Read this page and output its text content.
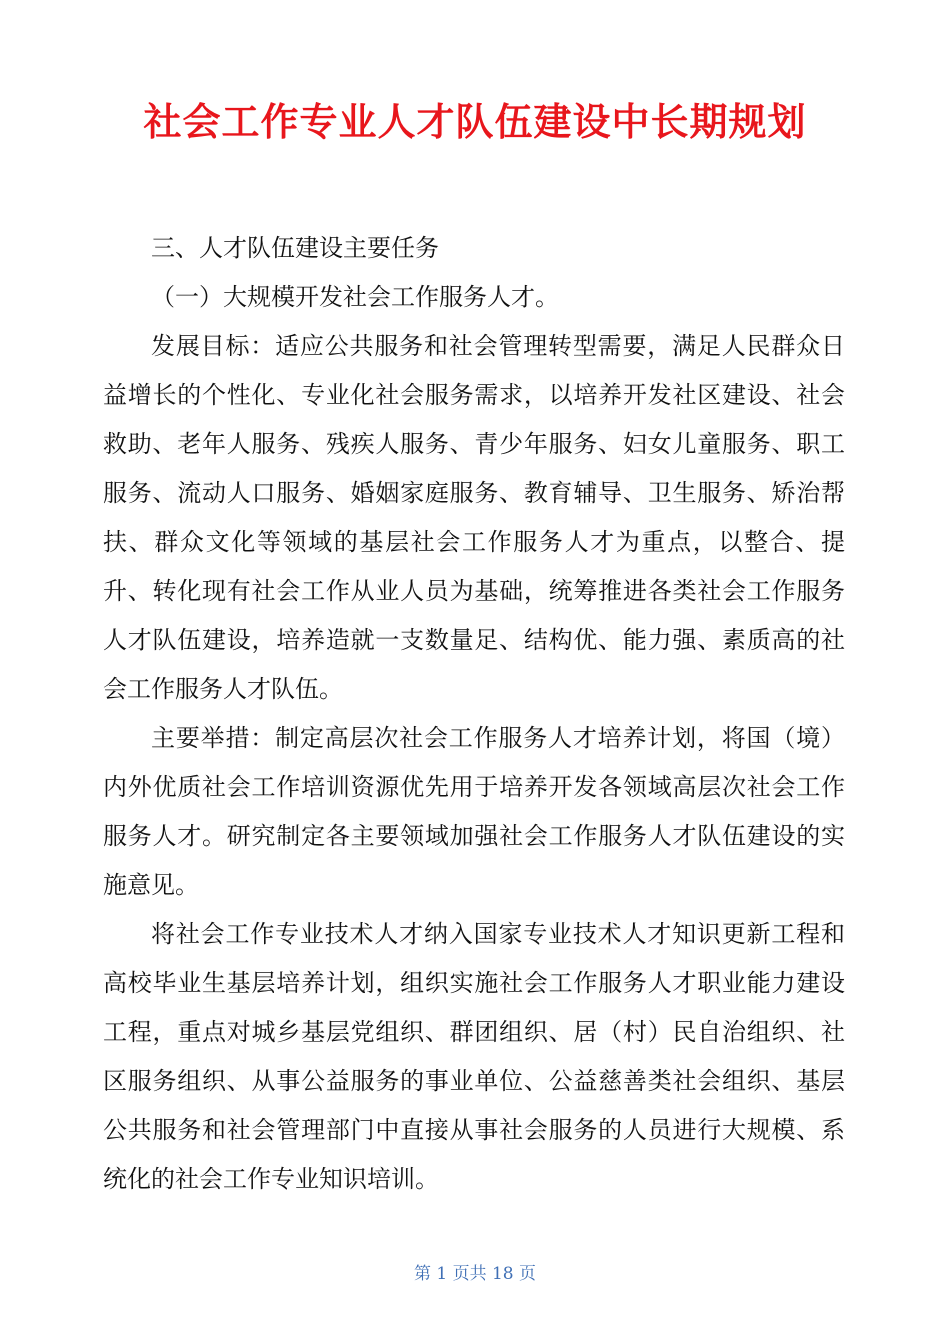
社会工作专业人才队伍建设中长期规划

三、人才队伍建设主要任务

（一）大规模开发社会工作服务人才。

发展目标：适应公共服务和社会管理转型需要，满足人民群众日益增长的个性化、专业化社会服务需求，以培养开发社区建设、社会救助、老年人服务、残疾人服务、青少年服务、妇女儿童服务、职工服务、流动人口服务、婚姻家庭服务、教育辅导、卫生服务、矫治帮扶、群众文化等领域的基层社会工作服务人才为重点，以整合、提升、转化现有社会工作从业人员为基础，统筹推进各类社会工作服务人才队伍建设，培养造就一支数量足、结构优、能力强、素质高的社会工作服务人才队伍。

主要举措：制定高层次社会工作服务人才培养计划，将国（境）内外优质社会工作培训资源优先用于培养开发各领域高层次社会工作服务人才。研究制定各主要领域加强社会工作服务人才队伍建设的实施意见。

将社会工作专业技术人才纳入国家专业技术人才知识更新工程和高校毕业生基层培养计划，组织实施社会工作服务人才职业能力建设工程，重点对城乡基层党组织、群团组织、居（村）民自治组织、社区服务组织、从事公益服务的事业单位、公益慈善类社会组织、基层公共服务和社会管理部门中直接从事社会服务的人员进行大规模、系统化的社会工作专业知识培训。

第 1 页共 18 页
